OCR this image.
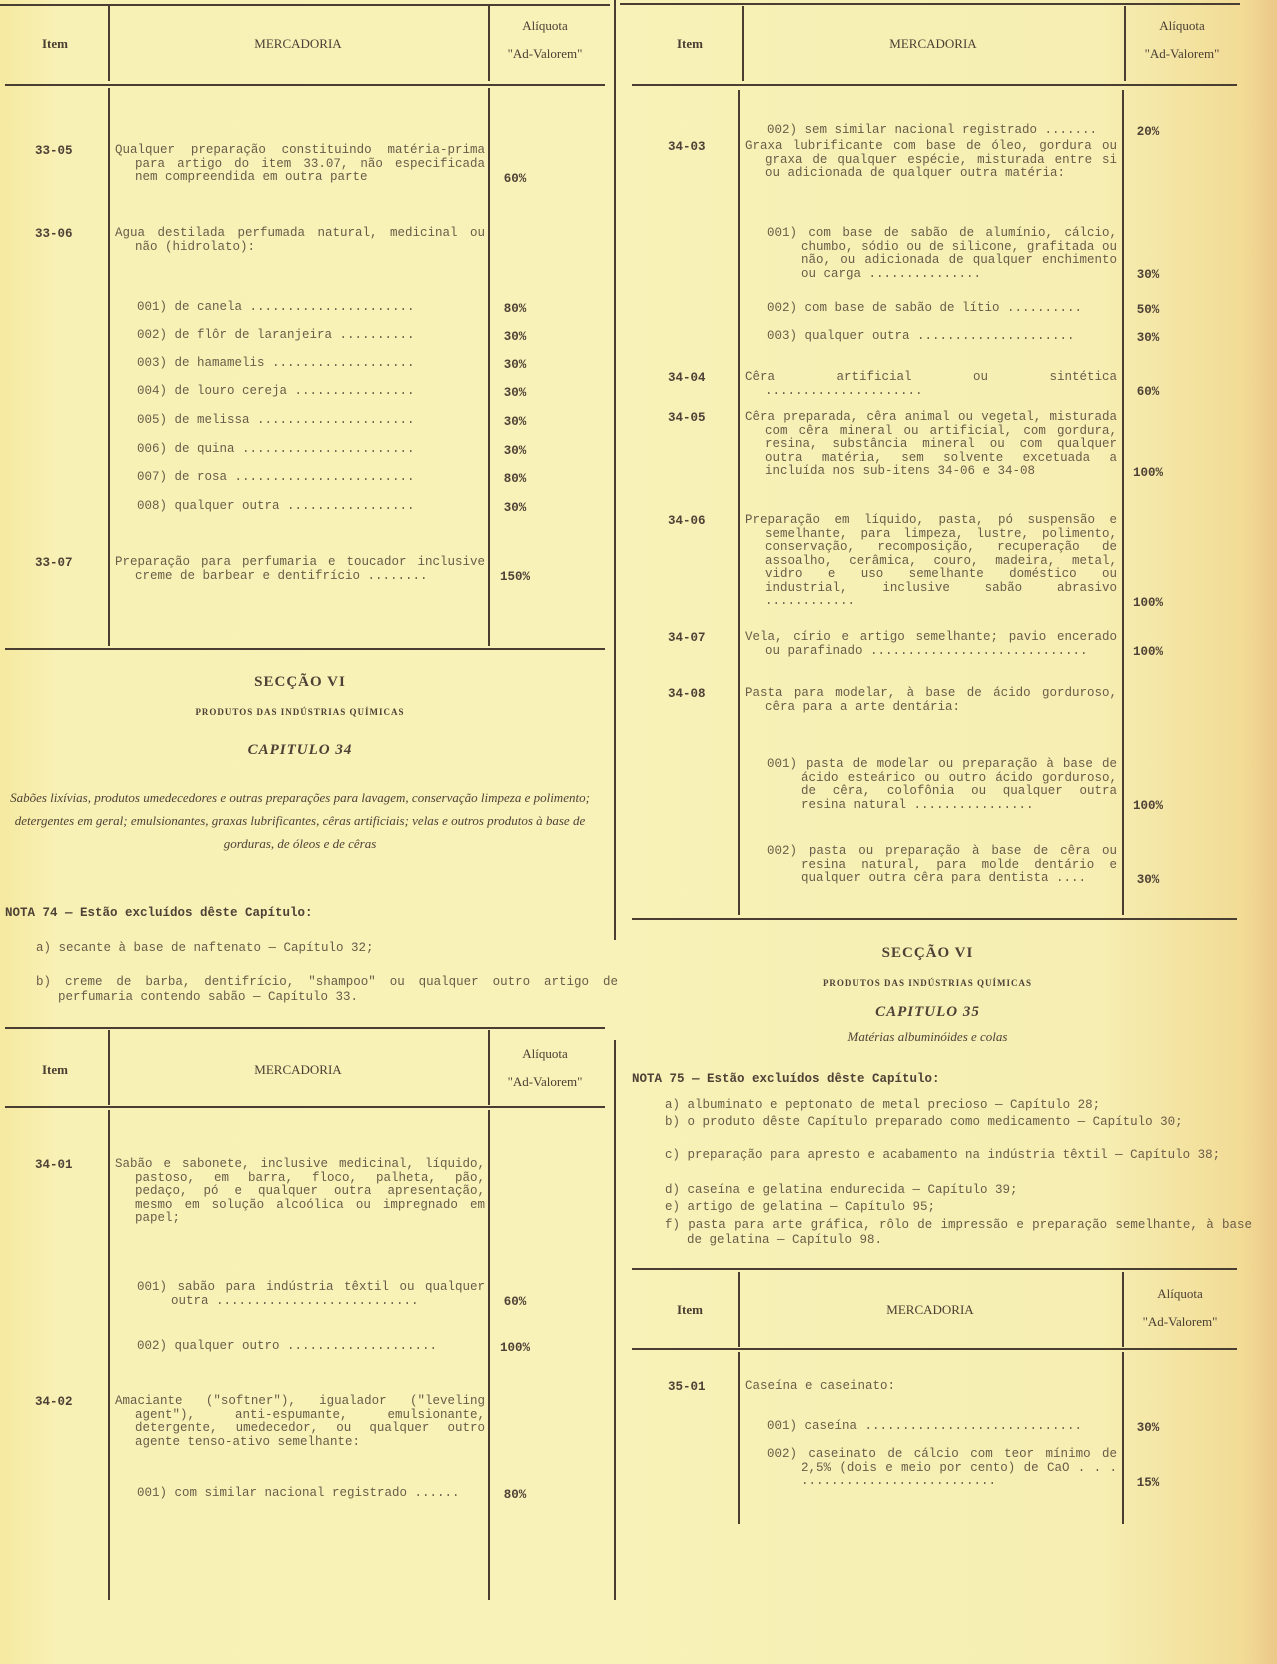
Item	MERCADORIA
Alíquota
"Ad-Valorem"
33-05	Qualquer preparação constituindo matéria-prima para artigo do item 33.07, não especificada nem compreendida em outra parte	60%
33-06	Agua destilada perfumada natural, medicinal ou não (hidrolato):
001) de canela ......................	80%
002) de flôr de laranjeira ..........	30%
003) de hamamelis ...................	30%
004) de louro cereja ................	30%
005) de melissa .....................	30%
006) de quina .......................	30%
007) de rosa ........................	80%
008) qualquer outra .................	30%
33-07	Preparação para perfumaria e toucador inclusive creme de barbear e dentifrício ........	150%
Item	MERCADORIA
Alíquota
"Ad-Valorem"
002) sem similar nacional registrado .......	20%
34-03	Graxa lubrificante com base de óleo, gordura ou graxa de qualquer espécie, misturada entre si ou adicionada de qualquer outra matéria:
001) com base de sabão de alumínio, cálcio, chumbo, sódio ou de silicone, grafitada ou não, ou adicionada de qualquer enchimento ou carga ...............	30%
002) com base de sabão de lítio ..........	50%
003) qualquer outra .....................	30%
34-04	Cêra artificial ou sintética .....................	60%
34-05	Cêra preparada, cêra animal ou vegetal, misturada com cêra mineral ou artificial, com gordura, resina, substância mineral ou com qualquer outra matéria, sem solvente excetuada a incluída nos sub-itens 34-06 e 34-08	100%
34-06	Preparação em líquido, pasta, pó suspensão e semelhante, para limpeza, lustre, polimento, conservação, recomposição, recuperação de assoalho, cerâmica, couro, madeira, metal, vidro e uso semelhante doméstico ou industrial, inclusive sabão abrasivo ............	100%
34-07	Vela, círio e artigo semelhante; pavio encerado ou parafinado .............................	100%
34-08	Pasta para modelar, à base de ácido gorduroso, cêra para a arte dentária:
001) pasta de modelar ou preparação à base de ácido esteárico ou outro ácido gorduroso, de cêra, colofônia ou qualquer outra resina natural ................	100%
002) pasta ou preparação à base de cêra ou resina natural, para molde dentário e qualquer outra cêra para dentista ....	30%
SECÇÃO VI
PRODUTOS DAS INDÚSTRIAS QUÍMICAS
CAPITULO 34
Sabões lixívias, produtos umedecedores e outras preparações para lavagem, conservação limpeza e polimento; detergentes em geral; emulsionantes, graxas lubrificantes, cêras artificiais; velas e outros produtos à base de gorduras, de óleos e de cêras
NOTA 74 — Estão excluídos dêste Capítulo:
a) secante à base de naftenato — Capítulo 32;
b) creme de barba, dentifrício, "shampoo" ou qualquer outro artigo de perfumaria contendo sabão — Capítulo 33.
Item	MERCADORIA
Alíquota
"Ad-Valorem"
34-01	Sabão e sabonete, inclusive medicinal, líquido, pastoso, em barra, floco, palheta, pão, pedaço, pó e qualquer outra apresentação, mesmo em solução alcoólica ou impregnado em papel;
001) sabão para indústria têxtil ou qualquer outra ...........................	60%
002) qualquer outro ....................	100%
34-02	Amaciante ("softner"), igualador ("leveling agent"), anti-espumante, emulsionante, detergente, umedecedor, ou qualquer outro agente tenso-ativo semelhante:
001) com similar nacional registrado ......	80%
SECÇÃO VI
PRODUTOS DAS INDÚSTRIAS QUÍMICAS
CAPITULO 35
Matérias albuminóides e colas
NOTA 75 — Estão excluídos dêste Capítulo:
a) albuminato e peptonato de metal precioso — Capítulo 28;
b) o produto dêste Capítulo preparado como medicamento — Capítulo 30;
c) preparação para apresto e acabamento na indústria têxtil — Capítulo 38;
d) caseína e gelatina endurecida — Capítulo 39;
e) artigo de gelatina — Capítulo 95;
f) pasta para arte gráfica, rôlo de impressão e preparação semelhante, à base de gelatina — Capítulo 98.
Item	MERCADORIA
Alíquota
"Ad-Valorem"
35-01	Caseína e caseinato:
001) caseína .............................	30%
002) caseinato de cálcio com teor mínimo de 2,5% (dois e meio por cento) de CaO . . . ..........................	15%
